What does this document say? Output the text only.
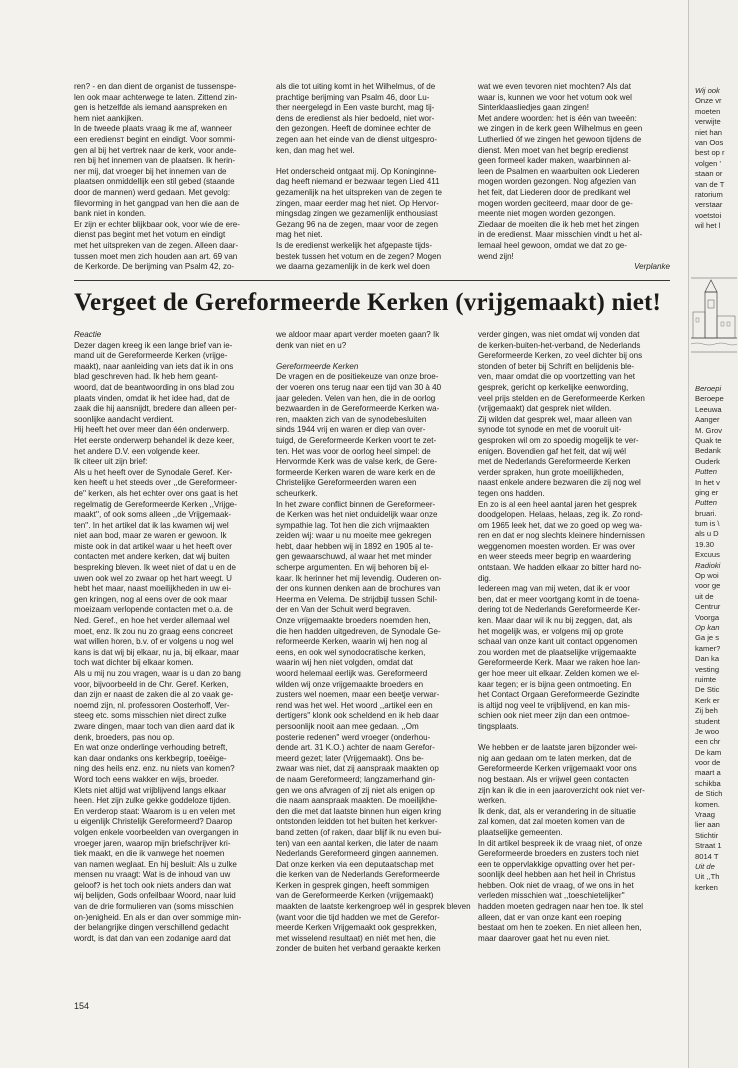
ren? - en dan dient de organist de tussenspe-
len ook maar achterwege te laten. Zittend zin-
gen is hetzelfde als iemand aanspreken en
hem niet aankijken.
In de tweede plaats vraag ik me af, wanneer
een erediensт begint en eindigt. Voor sommi-
gen al bij het vertrek naar de kerk, voor ande-
ren bij het innemen van de plaatsen. Ik herin-
ner mij, dat vroeger bij het innemen van de
plaatsen onmiddellijk een stil gebed (staande
door de mannen) werd gedaan. Met gevolg:
filevorming in het gangpad van hen die aan de
bank niet in konden.
Er zijn er echter blijkbaar ook, voor wie de ere-
dienst pas begint met het votum en eindigt
met het uitspreken van de zegen. Alleen daar-
tussen moet men zich houden aan art. 69 van
de Kerkorde. De berijming van Psalm 42, zo-
als die tot uiting komt in het Wilhelmus, of de
prachtige berijming van Psalm 46, door Lu-
ther neergelegd in Een vaste burcht, mag tij-
dens de eredienst als hier bedoeld, niet wor-
den gezongen. Heeft de dominee echter de
zegen aan het einde van de dienst uitgespro-
ken, dan mag het wel.
Het onderscheid ontgaat mij. Op Koninginne-
dag heeft niemand er bezwaar tegen Lied 411
gezamenlijk na het uitspreken van de zegen te
zingen, maar eerder mag het niet. Op Hervor-
mingsdag zingen we gezamenlijk enthousiast
Gezang 96 na de zegen, maar voor de zegen
mag het niet.
Is de eredienst werkelijk het afgepaste tijds-
bestek tussen het votum en de zegen? Mogen
we daarna gezamenlijk in de kerk wel doen
wat we even tevoren niet mochten? Als dat
waar is, kunnen we voor het votum ook wel
Sinterklaasliedjes gaan zingen!
Met andere woorden: het is één van tweeën:
we zingen in de kerk geen Wilhelmus en geen
Lutherlied óf we zingen het gewoon tijdens de
dienst. Men moet van het begrip eredienst
geen formeel kader maken, waarbinnen al-
leen de Psalmen en waarbuiten ook Liederen
mogen worden gezongen. Nog afgezien van
het feit, dat Liederen door de predikant wel
mogen worden geciteerd, maar door de ge-
meente niet mogen worden gezongen.
Ziedaar de moeiten die ik heb met het zingen
in de eredienst. Maar misschien vindt u het al-
lemaal heel gewoon, omdat we dat zo ge-
wend zijn!
Verplanke
Vergeet de Gereformeerde Kerken (vrijgemaakt) niet!
Reactie
Dezer dagen kreeg ik een lange brief van ie-
mand uit de Gereformeerde Kerken (vrijge-
maakt), naar aanleiding van iets dat ik in ons
blad geschreven had. Ik heb hem geant-
woord, dat de beantwoording in ons blad zou
plaats vinden, omdat ik het idee had, dat de
zaak die hij aansnijdt, bredere dan alleen per-
soonlijke aandacht verdient.
Hij heeft het over meer dan één onderwerp.
Het eerste onderwerp behandel ik deze keer,
het andere D.V. een volgende keer.
Ik citeer uit zijn brief:
Als u het heeft over de Synodale Geref. Ker-
ken heeft u het steeds over ,,de Gereformeer-
de'' kerken, als het echter over ons gaat is het
regelmatig de Gereformeerde Kerken ,,Vrijge-
maakt'', of ook soms alleen ,,de Vrijgemaak-
ten''. In het artikel dat ik las kwamen wij wel
niet aan bod, maar ze waren er gewoon. Ik
miste ook in dat artikel waar u het heeft over
contacten met andere kerken, dat wij buiten
bespreking bleven. Ik weet niet of dat u en de
uwen ook wel zo zwaar op het hart weegt. U
hebt het maar, naast moeilijkheden in uw ei-
gen kringen, nog al eens over de ook maar
moeizaam verlopende contacten met o.a. de
Ned. Geref., en hoe het verder allemaal wel
moet, enz. Ik zou nu zo graag eens concreet
wat willen horen, b.v. of er volgens u nog wel
kans is dat wij bij elkaar, nu ja, bij elkaar, maar
toch wat dichter bij elkaar komen.
Als u mij nu zou vragen, waar is u dan zo bang
voor, bijvoorbeeld in de Chr. Geref. Kerken,
dan zijn er naast de zaken die al zo vaak ge-
noemd zijn, nl. professoren Oosterhoff, Ver-
steeg etc. soms misschien niet direct zulke
zware dingen, maar toch van dien aard dat ik
denk, broeders, pas nou op.
En wat onze onderlinge verhouding betreft,
kan daar ondanks ons kerkbegrip, toeëige-
ning des heils enz. enz. nu niets van komen?
Word toch eens wakker en wijs, broeder.
Klets niet altijd wat vrijblijvend langs elkaar
heen. Het zijn zulke gekke goddeloze tijden.
En verderop staat: Waarom is u en velen met
u eigenlijk Christelijk Gereformeerd? Daarop
volgen enkele voorbeelden van overgangen in
vroeger jaren, waarop mijn briefschrijver kri-
tiek maakt, en die ik vanwege het noemen
van namen weglaat. En hij besluit: Als u zulke
mensen nu vraagt: Wat is de inhoud van uw
geloof? is het toch ook niets anders dan wat
wij belijden, Gods onfeilbaar Woord, naar luid
van de drie formulieren van (soms misschien
on-)enigheid. En als er dan over sommige min-
der belangrijke dingen verschillend gedacht
wordt, is dat dan van een zodanige aard dat
we aldoor maar apart verder moeten gaan? Ik
denk van niet en u?
Gereformeerde Kerken
De vragen en de positiekeuze van onze broe-
der voeren ons terug naar een tijd van 30 à 40
jaar geleden. Velen van hen, die in de oorlog
bezwaarden in de Gereformeerde Kerken wa-
ren, maakten zich van de synodebesluiten
sinds 1944 vrij en waren er diep van over-
tuigd, de Gereformeerde Kerken voort te zet-
ten. Het was voor de oorlog heel simpel: de
Hervormde Kerk was de valse kerk, de Gere-
formeerde Kerken waren de ware kerk en de
Christelijke Gereformeerden waren een
scheurkerk.
In het zware conflict binnen de Gereformeer-
de Kerken was het niet onduidelijk waar onze
sympathie lag. Tot hen die zich vrijmaakten
zeiden wij: waar u nu moeite mee gekregen
hebt, daar hebben wij in 1892 en 1905 al te-
gen gewaarschuwd, al waar het met minder
scherpe argumenten. En wij behoren bij el-
kaar. Ik herinner het mij levendig. Ouderen on-
der ons kunnen denken aan de brochures van
Heerma en Velema. De strijdbijl tussen Schil-
der en Van der Schuit werd begraven.
Onze vrijgemaakte broeders noemden hen,
die hen hadden uitgedreven, de Synodale Ge-
reformeerde Kerken, waarin wij hen nog al
eens, en ook wel synodocratische kerken,
waarin wij hen niet volgden, omdat dat
woord helemaal eerlijk was. Gereformeerd
wilden wij onze vrijgemaakte broeders en
zusters wel noemen, maar een beetje verwar-
rend was het wel. Het woord ,,artikel een en
dertigers'' klonk ook scheldend en ik heb daar
persoonlijk nooit aan mee gedaan. ,,Om
posterie redenen'' werd vroeger (onderhou-
dende art. 31 K.O.) achter de naam Gerefor-
meerd gezet; later (Vrijgemaakt). Ons be-
zwaar was niet, dat zij aanspraak maakten op
de naam Gereformeerd; langzamerhand gin-
gen we ons afvragen of zij niet als enigen op
die naam aanspraak maakten. De moeilijkhe-
den die met dat laatste binnen hun eigen kring
ontstonden leidden tot het buiten het kerkver-
band zetten (of raken, daar blijf ik nu even bui-
ten) van een aantal kerken, die later de naam
Nederlands Gereformeerd gingen aannemen.
Dat onze kerken via een deputaatschap met
die kerken van de Nederlands Gereformeerde
Kerken in gesprek gingen, heeft sommigen
van de Gereformeerde Kerken (vrijgemaakt)
maakten de laatste kerkengroep wél in gesprek bleven
(want voor die tijd hadden we met de Gerefor-
meerde Kerken Vrijgemaakt ook gesprekken,
met wisselend resultaat) en niét met hen, die
zonder de buiten het verband geraakte kerken
verder gingen, was niet omdat wij vonden dat
de kerken-buiten-het-verband, de Nederlands
Gereformeerde Kerken, zo veel dichter bij ons
stonden of beter bij Schrift en belijdenis ble-
ven, maar omdat die op voortzetting van het
gesprek, gericht op kerkelijke eenwording,
veel prijs stelden en de Gereformeerde Kerken
(vrijgemaakt) dat gesprek niet wilden.
Zij wilden dat gesprek wel, maar alleen van
synode tot synode en met de vooruit uit-
gesproken wil om zo spoedig mogelijk te ver-
enigen. Bovendien gaf het feit, dat wij wél
met de Nederlands Gereformeerde Kerken
verder spraken, hun grote moeilijkheden,
naast enkele andere bezwaren die zij nog wel
tegen ons hadden.
En zo is al een heel aantal jaren het gesprek
doodgelopen. Helaas, helaas, zeg ik. Zo rond-
om 1965 leek het, dat we zo goed op weg wa-
ren en dat er nog slechts kleinere hindernissen
weggenomen moesten worden. Er was over
en weer steeds meer begrip en waardering
ontstaan. We hadden elkaar zo bitter hard no-
dig.
Iedereen mag van mij weten, dat ik er voor
ben, dat er meer voortgang komt in de toena-
dering tot de Nederlands Gereformeerde Ker-
ken. Maar daar wil ik nu bij zeggen, dat, als
het mogelijk was, er volgens mij op grote
schaal van onze kant uit contact opgenomen
zou worden met de plaatselijke vrijgemaakte
Gereformeerde Kerk. Maar we raken hoe lan-
ger hoe meer uit elkaar. Zelden komen we el-
kaar tegen; er is bijna geen ontmoeting. En
het Contact Orgaan Gereformeerde Gezindte
is altijd nog veel te vrijblijvend, en kan mis-
schien ook niet meer zijn dan een ontmoe-
tingsplaats.
We hebben er de laatste jaren bijzonder wei-
nig aan gedaan om te laten merken, dat de
Gereformeerde Kerken vrijgemaakt voor ons
nog bestaan. Als er vrijwel geen contacten
zijn kan ik die in een jaaroverzicht ook niet ver-
werken.
Ik denk, dat, als er verandering in de situatie
zal komen, dat zal moeten komen van de
plaatselijke gemeenten.
In dit artikel bespreek ik de vraag niet, of onze
Gereformeerde broeders en zusters toch niet
een te oppervlakkige opvatting over het per-
soonlijk deel hebben aan het heil in Christus
hebben. Ook niet de vraag, of we ons in het
verleden misschien wat ,,toeschietelijker''
hadden moeten gedragen naar hen toe. Ik stel
alleen, dat er van onze kant een roeping
bestaat om hen te zoeken. En niet alleen hen,
maar daarover gaat het nu even niet.
154
Wij ook
Onze vr
moeten
verwijte
niet han
van Oos
best op r
volgen '
staan or
van de T
ratorium
verstaar
voetstoi
wil het l
Beroepi
Beroepe
Leeuwa
Aanger
M. Grov
Quak te
Bedank
Ouderk
Putten
In het v
ging er
Putten
bruari.
tum is \
als u D
19.30
Excuus
Radioki
Op woi
voor ge
uit de
Centrur
Voorga
Op kan
Ga je s
kamer?
Dan ka
vesting
ruimte
De Stic
Kerk er
Zij beh
student
Je woo
een chr
De kam
voor de
maart a
schikba
de Stich
komen.
Vraag
lier aan
Stichtir
Straat 1
8014 T
Uit de
Uit ,,Th
kerken
